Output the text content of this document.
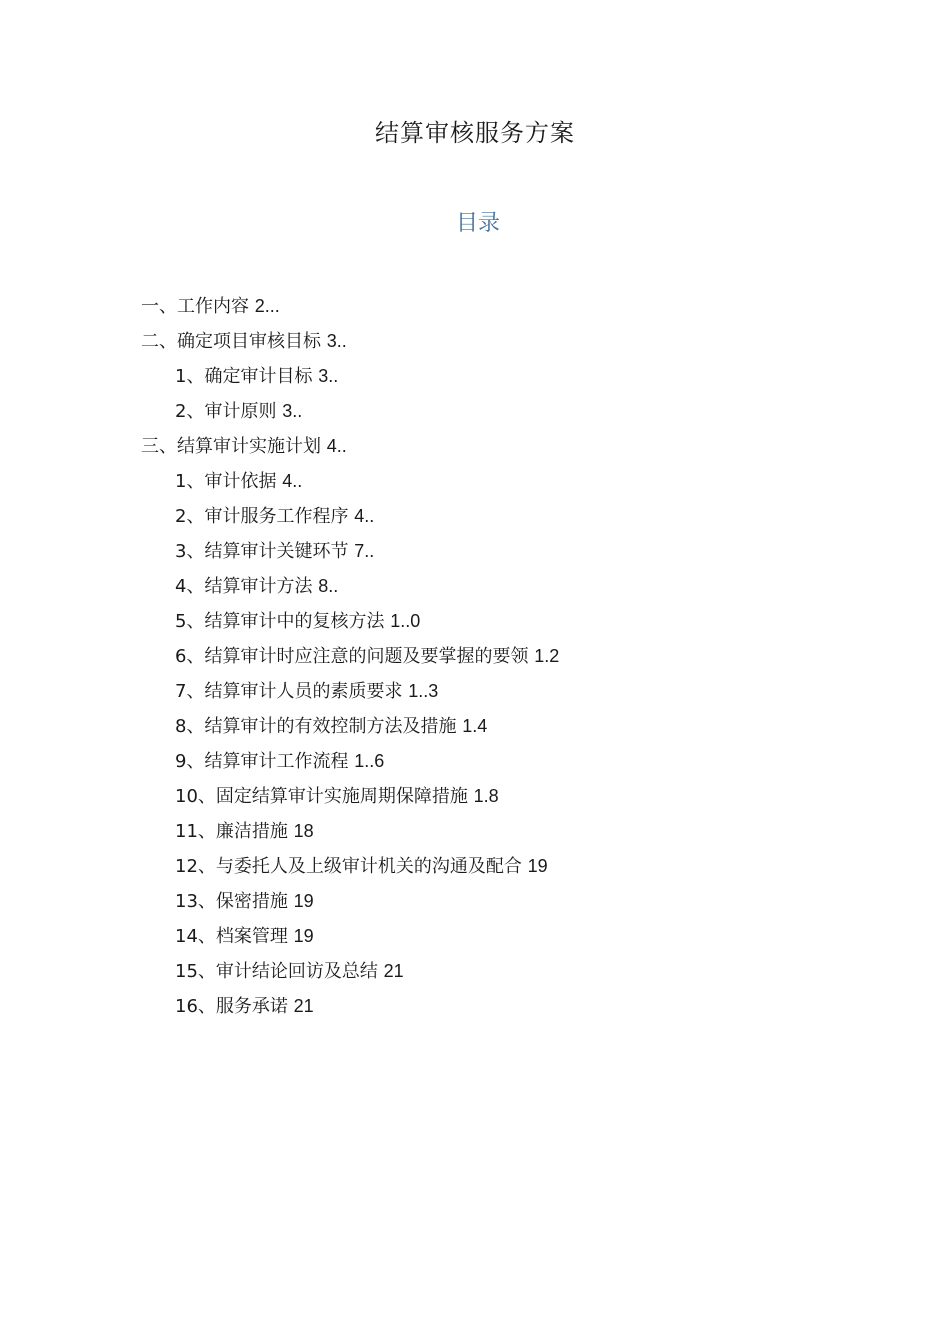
结算审核服务方案
目录
一、工作内容 2...
二、确定项目审核目标 3..
1、确定审计目标 3..
2、审计原则 3..
三、结算审计实施计划 4..
1、审计依据 4..
2、审计服务工作程序 4..
3、结算审计关键环节 7..
4、结算审计方法 8..
5、结算审计中的复核方法 1..0
6、结算审计时应注意的问题及要掌握的要领 1.2
7、结算审计人员的素质要求 1..3
8、结算审计的有效控制方法及措施 1.4
9、结算审计工作流程 1..6
10、固定结算审计实施周期保障措施 1.8
11、廉洁措施 18
12、与委托人及上级审计机关的沟通及配合 19
13、保密措施 19
14、档案管理 19
15、审计结论回访及总结 21
16、服务承诺 21
